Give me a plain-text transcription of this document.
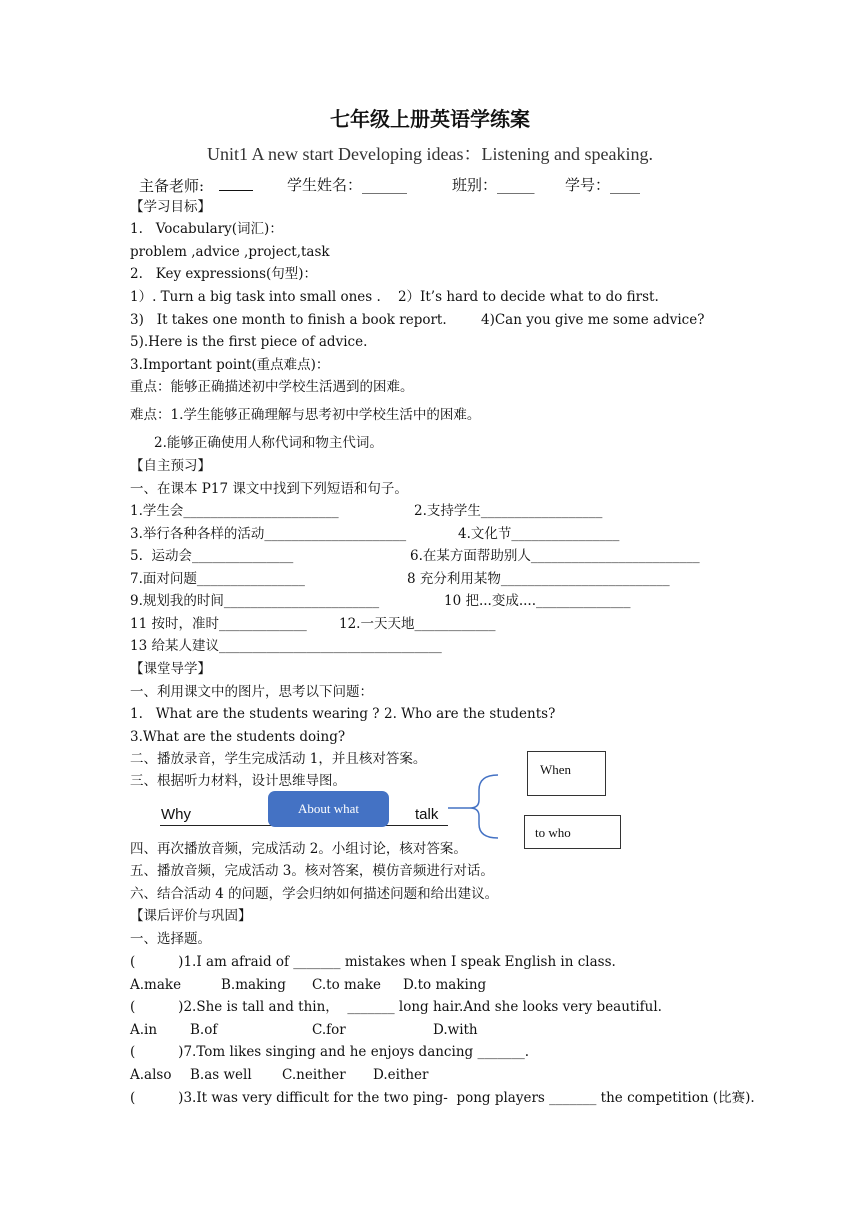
七年级上册英语学练案
Unit1 A new start Developing ideas：Listening and speaking.
主备老师:	学生姓名：______	班别：_____ 学号：____
【学习目标】
1.   Vocabulary(词汇)：
problem ,advice ,project,task
2.   Key expressions(句型)：
1）. Turn a big task into small ones .    2）It’s hard to decide what to do first.
3)   It takes one month to finish a book report.        4)Can you give me some advice?
5).Here is the first piece of advice.
3.Important point(重点难点)：
重点：能够正确描述初中学校生活遇到的困难。
难点：1.学生能够正确理解与思考初中学校生活中的困难。
2.能够正确使用人称代词和物主代词。
【自主预习】
一、在课本 P17 课文中找到下列短语和句子。
1.学生会_______________________	2.支持学生__________________
3.举行各种各样的活动_____________________	4.文化节________________
5.  运动会_______________	6.在某方面帮助别人_________________________
7.面对问题________________	8 充分利用某物_________________________
9.规划我的时间_______________________	10 把...变成....______________
11 按时，准时_____________ 12.一天天地____________
13 给某人建议_________________________________
【课堂导学】
一、利用课文中的图片，思考以下问题：
1.   What are the students wearing ? 2. Who are the students?
3.What are the students doing?
二、播放录音，学生完成活动 1，并且核对答案。
三、根据听力材料，设计思维导图。
Why	About what	talk
When
to who
四、再次播放音频，完成活动 2。小组讨论，核对答案。
五、播放音频，完成活动 3。核对答案，模仿音频进行对话。
六、结合活动 4 的问题，学会归纳如何描述问题和给出建议。
【课后评价与巩固】
一、选择题。
(          )1.I am afraid of _______ mistakes when I speak English in class.
A.make	B.making C.to make D.to making
(          )2.She is tall and thin，  _______ long hair.And she looks very beautiful.
A.in B.of	C.for	D.with
(          )7.Tom likes singing and he enjoys dancing _______.
A.also B.as well C.neither D.either
(          )3.It was very difficult for the two ping-  pong players _______ the competition (比赛).
